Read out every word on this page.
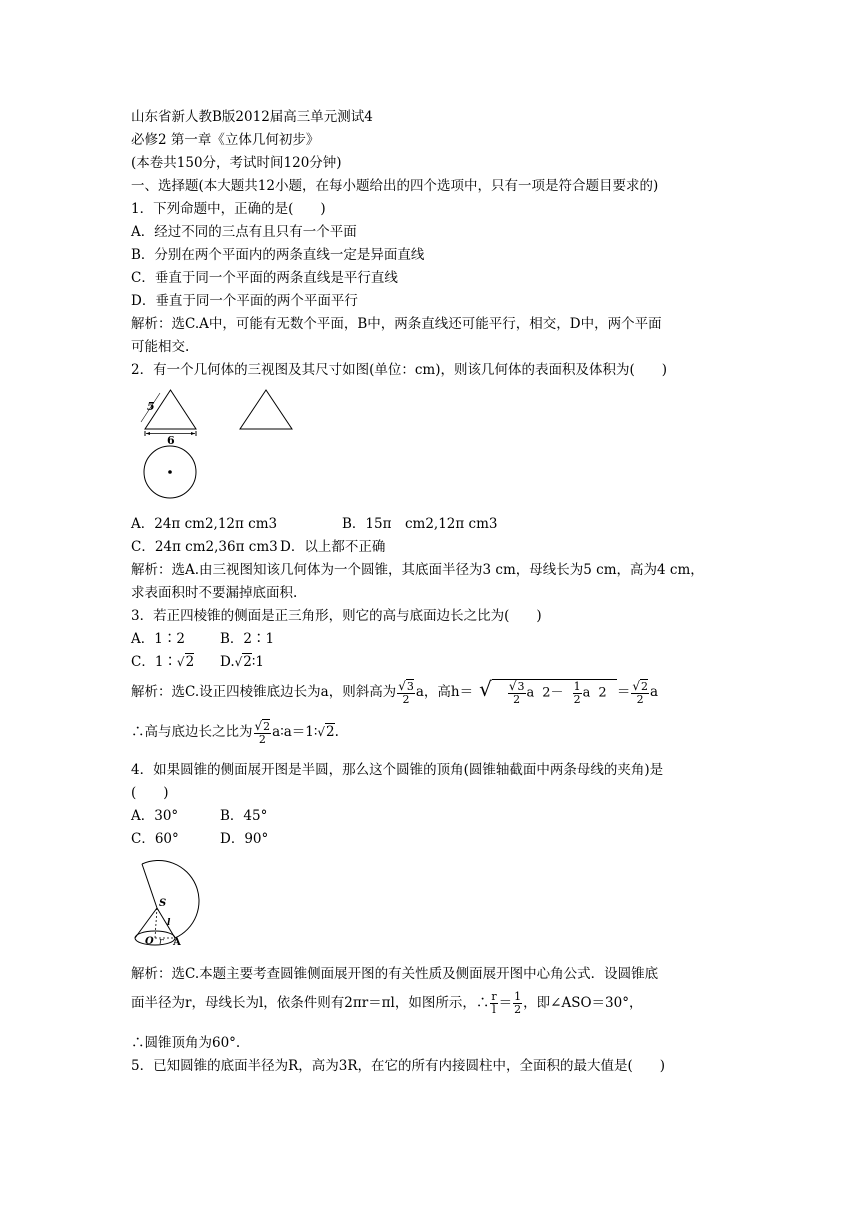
山东省新人教B版2012届高三单元测试4
必修2 第一章《立体几何初步》
(本卷共150分，考试时间120分钟)
一、选择题(本大题共12小题，在每小题给出的四个选项中，只有一项是符合题目要求的)
1．下列命题中，正确的是(　　)
A．经过不同的三点有且只有一个平面
B．分别在两个平面内的两条直线一定是异面直线
C．垂直于同一个平面的两条直线是平行直线
D．垂直于同一个平面的两个平面平行
解析：选C.A中，可能有无数个平面，B中，两条直线还可能平行，相交，D中，两个平面
可能相交.
2．有一个几何体的三视图及其尺寸如图(单位：cm)，则该几何体的表面积及体积为(　　)
5
6
A．24π cm2,12π cm3	B．15π　cm2,12π cm3
C．24π cm2,36π cm3 D．以上都不正确
解析：选A.由三视图知该几何体为一个圆锥，其底面半径为3 cm，母线长为5 cm，高为4 cm，
求表面积时不要漏掉底面积.
3．若正四棱锥的侧面是正三角形，则它的高与底面边长之比为(　　)
A．1∶2	B．2∶1
C．1∶√2 D.√2∶1
解析：选C.设正四棱锥底边长为a，则斜高为 $\frac{√3}{2}$ a，高h＝ √ $\frac{√3}{2}$ a $2- \frac{1}{2}$ a $2 = \frac{√2}{2}$ a
∴高与底边长之比为 $\frac{√2}{2}$ a∶a＝1∶√2.
4．如果圆锥的侧面展开图是半圆，那么这个圆锥的顶角(圆锥轴截面中两条母线的夹角)是
(　　)
A．30°	B．45°
C．60°	D．90°
S
l
O r A
解析：选C.本题主要考查圆锥侧面展开图的有关性质及侧面展开图中心角公式．设圆锥底
面半径为r，母线长为l，依条件则有2πr＝πl，如图所示，∴ $\frac{r}{l} = \frac{1}{2}$ ，即∠ASO＝30°，
∴圆锥顶角为60°.
5．已知圆锥的底面半径为R，高为3R，在它的所有内接圆柱中，全面积的最大值是(　　)
